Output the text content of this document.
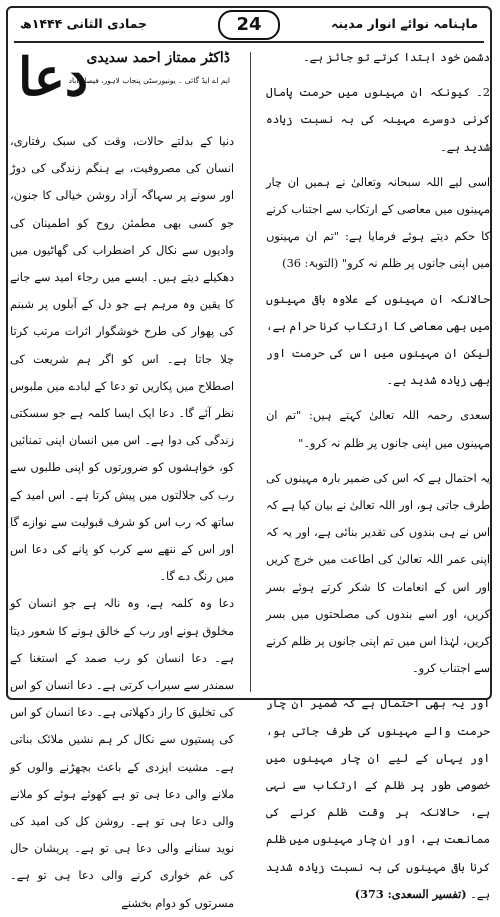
ماہنامہ نوائے انوار مدینہ
24
جمادی الثانی ۱۴۴۴ھ

دشمن خود ابتدا کرتے تو جائز ہے۔

2۔ کیونکہ ان مہینوں میں حرمت پامال کرنی دوسرے مہینہ کی بہ نسبت زیادہ شدید ہے۔

اسی لیے اللہ سبحانہ وتعالیٰ نے ہمیں ان چار مہینوں میں معاصی کے ارتکاب سے اجتناب کرنے کا حکم دیتے ہوئے فرمایا ہے: "تم ان مہینوں میں اپنی جانوں پر ظلم نہ کرو" (التوبۃ: 36)

حالانکہ ان مہینوں کے علاوہ باقی مہینوں میں بھی معاصی کا ارتکاب کرنا حرام ہے، لیکن ان مہینوں میں اس کی حرمت اور بھی زیادہ شدید ہے۔

سعدی رحمہ اللہ تعالیٰ کہتے ہیں: "تم ان مہینوں میں اپنی جانوں پر ظلم نہ کرو۔"

یہ احتمال ہے کہ اس کی ضمیر بارہ مہینوں کی طرف جاتی ہو، اور اللہ تعالیٰ نے بیان کیا ہے کہ اس نے ہی بندوں کی تقدیر بنائی ہے، اور یہ کہ اپنی عمر اللہ تعالیٰ کی اطاعت میں خرچ کریں اور اس کے انعامات کا شکر کرتے ہوئے بسر کریں، اور اسے بندوں کی مصلحتوں میں بسر کریں، لہٰذا اس میں تم اپنی جانوں پر ظلم کرنے سے اجتناب کرو۔

اور یہ بھی احتمال ہے کہ ضمیر ان چار حرمت والے مہینوں کی طرف جاتی ہو، اور یہاں کے لیے ان چار مہینوں میں خصوصی طور پر ظلم کے ارتکاب سے نہی ہے، حالانکہ ہر وقت ظلم کرنے کی ممانعت ہے، اور ان چار مہینوں میں ظلم کرنا باقی مہینوں کی بہ نسبت زیادہ شدید ہے۔ (تفسیر السعدی: 373)

دعا
ڈاکٹر ممتاز احمد سدیدی
ایم اے ایڈ گائی ۔ یونیورسٹی پنجاب لاہور، فیصل آباد

دنیا کے بدلتے حالات، وقت کی سبک رفتاری، انسان کی مصروفیت، بے ہنگم زندگی کی دوڑ اور سونے پر سہاگہ آزاد روشن خیالی کا جنون، جو کسی بھی مطمئن روح کو اطمینان کی وادیوں سے نکال کر اضطراب کی گھاٹیوں میں دھکیلے دیتے ہیں۔ ایسے میں رجاء امید سے جانے کا یقین وہ مرہم ہے جو دل کے آبلوں پر شبنم کی پھوار کی طرح خوشگوار اثرات مرتب کرتا چلا جاتا ہے۔ اس کو اگر ہم شریعت کی اصطلاح میں پکاریں تو دعا کے لبادے میں ملبوس نظر آئے گا۔ دعا ایک ایسا کلمہ ہے جو سسکتی زندگی کی دوا ہے۔ اس میں انسان اپنی تمنائیں کو، خواہشوں کو ضرورتوں کو اپنی طلبوں سے رب کی جلالتوں میں پیش کرتا ہے۔ اس امید کے ساتھ کہ رب اس کو شرف قبولیت سے نوازے گا اور اس کے ننھے سے کرب کو پانے کی دعا اس میں رنگ دے گا۔

دعا وہ کلمہ ہے، وہ نالہ ہے جو انسان کو مخلوق ہونے اور رب کے خالق ہونے کا شعور دیتا ہے۔ دعا انسان کو رب صمد کے استغنا کے سمندر سے سیراب کرتی ہے۔ دعا انسان کو اس کی تخلیق کا راز دکھلاتی ہے۔ دعا انسان کو اس کی پستیوں سے نکال کر ہم نشیں ملائک بناتی ہے۔ مشیت ایزدی کے باعث بچھڑنے والوں کو ملانے والی دعا ہی تو ہے کھوئے ہوئے کو ملانے والی دعا ہی تو ہے۔ روشن کل کی امید کی نوید سنانے والی دعا ہی تو ہے۔ پریشان حال کی غم خواری کرنے والی دعا ہی تو ہے۔ مسرتوں کو دوام بخشنے
